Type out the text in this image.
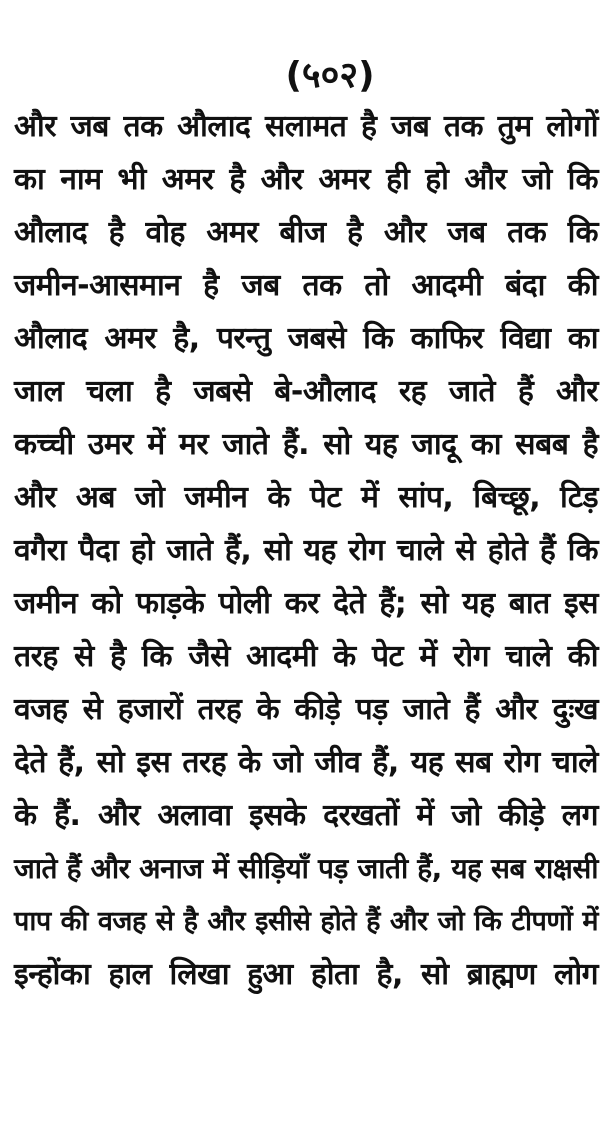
(५०२)
और जब तक औलाद सलामत है जब तक तुम लोगों
का नाम भी अमर है और अमर ही हो और जो कि
औलाद है वोह अमर बीज है और जब तक कि
जमीन-आसमान है जब तक तो आदमी बंदा की
औलाद अमर है, परन्तु जबसे कि काफिर विद्या का
जाल चला है जबसे बे-औलाद रह जाते हैं और
कच्ची उमर में मर जाते हैं. सो यह जादू का सबब है
और अब जो जमीन के पेट में सांप, बिच्छू, टिड़
वगैरा पैदा हो जाते हैं, सो यह रोग चाले से होते हैं कि
जमीन को फाड़के पोली कर देते हैं; सो यह बात इस
तरह से है कि जैसे आदमी के पेट में रोग चाले की
वजह से हजारों तरह के कीड़े पड़ जाते हैं और दुःख
देते हैं, सो इस तरह के जो जीव हैं, यह सब रोग चाले
के हैं. और अलावा इसके दरखतों में जो कीड़े लग
जाते हैं और अनाज में सीड़ियाँ पड़ जाती हैं, यह सब राक्षसी
पाप की वजह से है और इसीसे होते हैं और जो कि टीपणों में
इन्होंका हाल लिखा हुआ होता है, सो ब्राह्मण लोग
